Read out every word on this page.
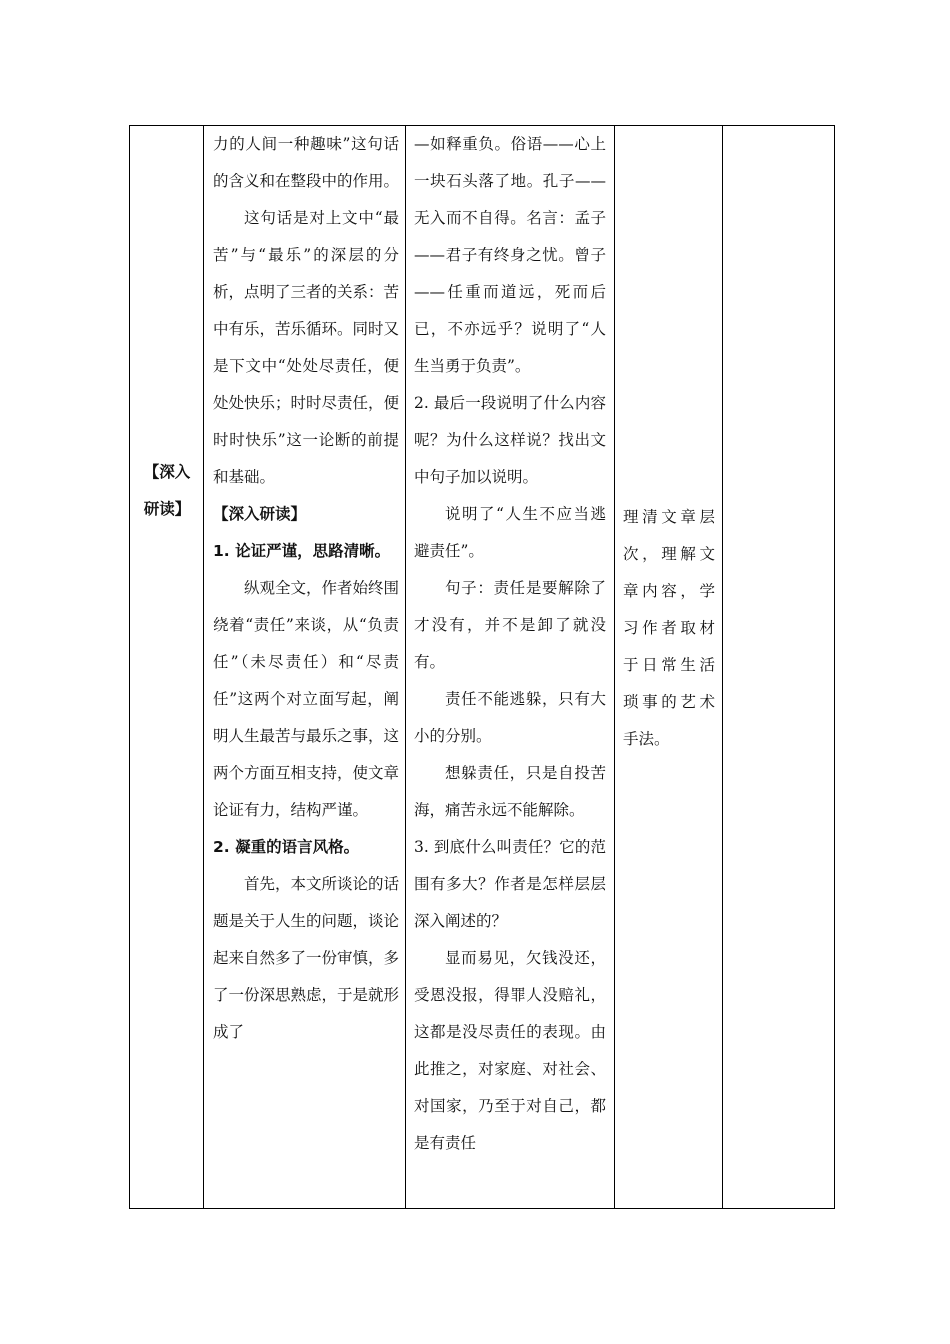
【深入
研读】

力的人间一种趣味”这句话的含义和在整段中的作用。

这句话是对上文中“最苦”与“最乐”的深层的分析，点明了三者的关系：苦中有乐，苦乐循环。同时又是下文中“处处尽责任，便处处快乐；时时尽责任，便时时快乐”这一论断的前提和基础。

【深入研读】

1. 论证严谨，思路清晰。

纵观全文，作者始终围绕着“责任”来谈，从“负责任”（未尽责任）和“尽责任”这两个对立面写起，阐明人生最苦与最乐之事，这两个方面互相支持，使文章论证有力，结构严谨。

2. 凝重的语言风格。

首先，本文所谈论的话题是关于人生的问题，谈论起来自然多了一份审慎，多了一份深思熟虑，于是就形成了

—如释重负。俗语——心上一块石头落了地。孔子——无入而不自得。名言：孟子——君子有终身之忧。曾子——任重而道远，死而后已，不亦远乎？说明了“人生当勇于负责”。

2. 最后一段说明了什么内容呢？为什么这样说？找出文中句子加以说明。

说明了“人生不应当逃避责任”。

句子：责任是要解除了才没有，并不是卸了就没有。

责任不能逃躲，只有大小的分别。

想躲责任，只是自投苦海，痛苦永远不能解除。

3. 到底什么叫责任？它的范围有多大？作者是怎样层层深入阐述的？

显而易见，欠钱没还，受恩没报，得罪人没赔礼，这都是没尽责任的表现。由此推之，对家庭、对社会、对国家，乃至于对自己，都是有责任

理清文章层次，理解文章内容，学习作者取材于日常生活琐事的艺术手法。
